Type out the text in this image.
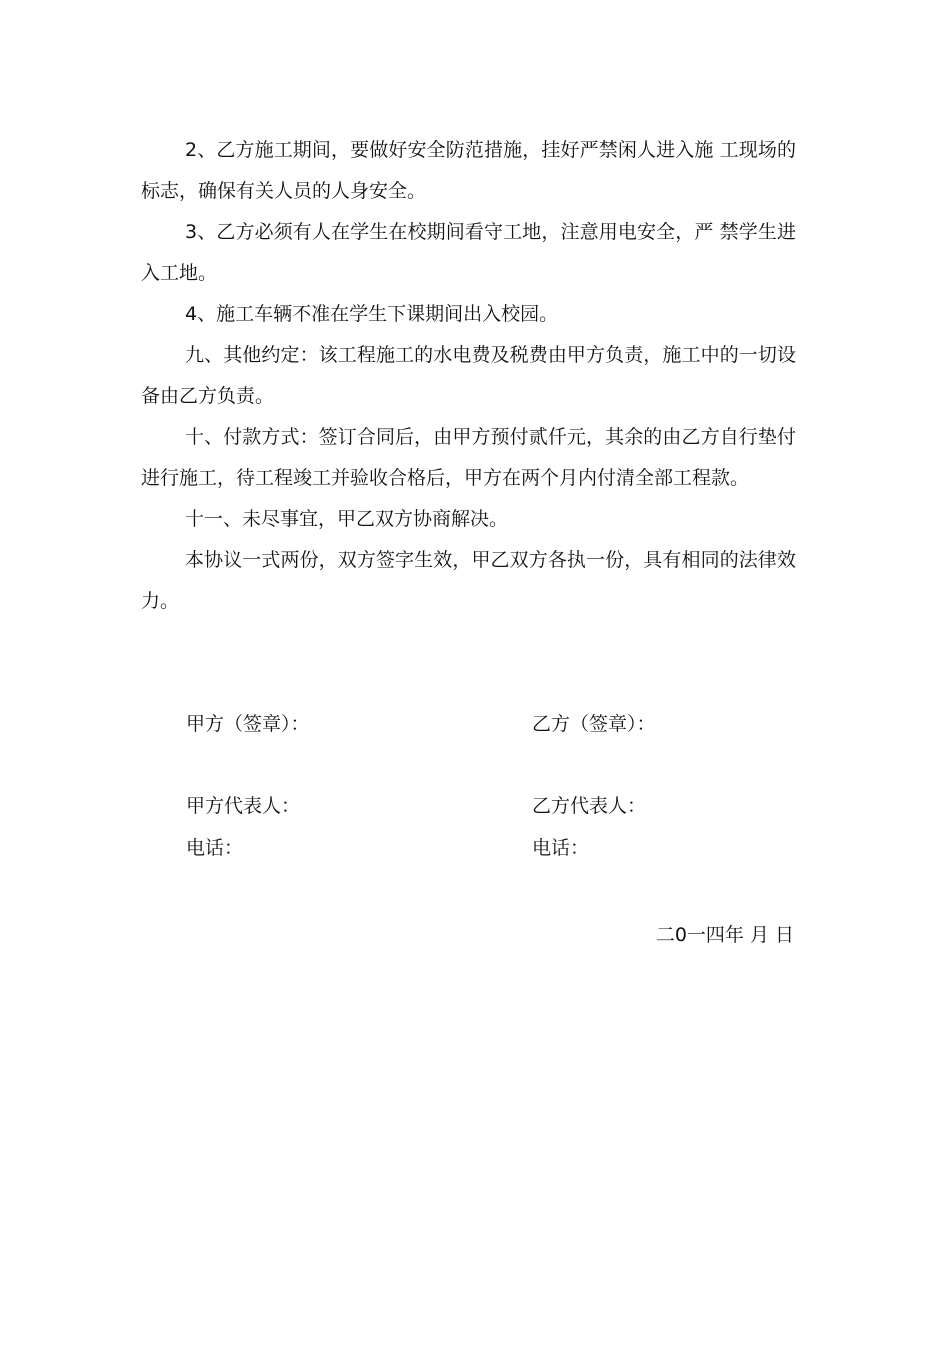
2、乙方施工期间，要做好安全防范措施，挂好严禁闲人进入施 工现场的标志，确保有关人员的人身安全。

3、乙方必须有人在学生在校期间看守工地，注意用电安全，严 禁学生进入工地。

4、施工车辆不准在学生下课期间出入校园。

九、其他约定：该工程施工的水电费及税费由甲方负责，施工中的一切设备由乙方负责。

十、付款方式：签订合同后，由甲方预付贰仟元，其余的由乙方自行垫付进行施工，待工程竣工并验收合格后，甲方在两个月内付清全部工程款。

十一、未尽事宜，甲乙双方协商解决。

本协议一式两份，双方签字生效，甲乙双方各执一份，具有相同的法律效力。

甲方（签章）：	乙方（签章）：
甲方代表人：	乙方代表人：
电话：	电话：
二0一四年 月 日
